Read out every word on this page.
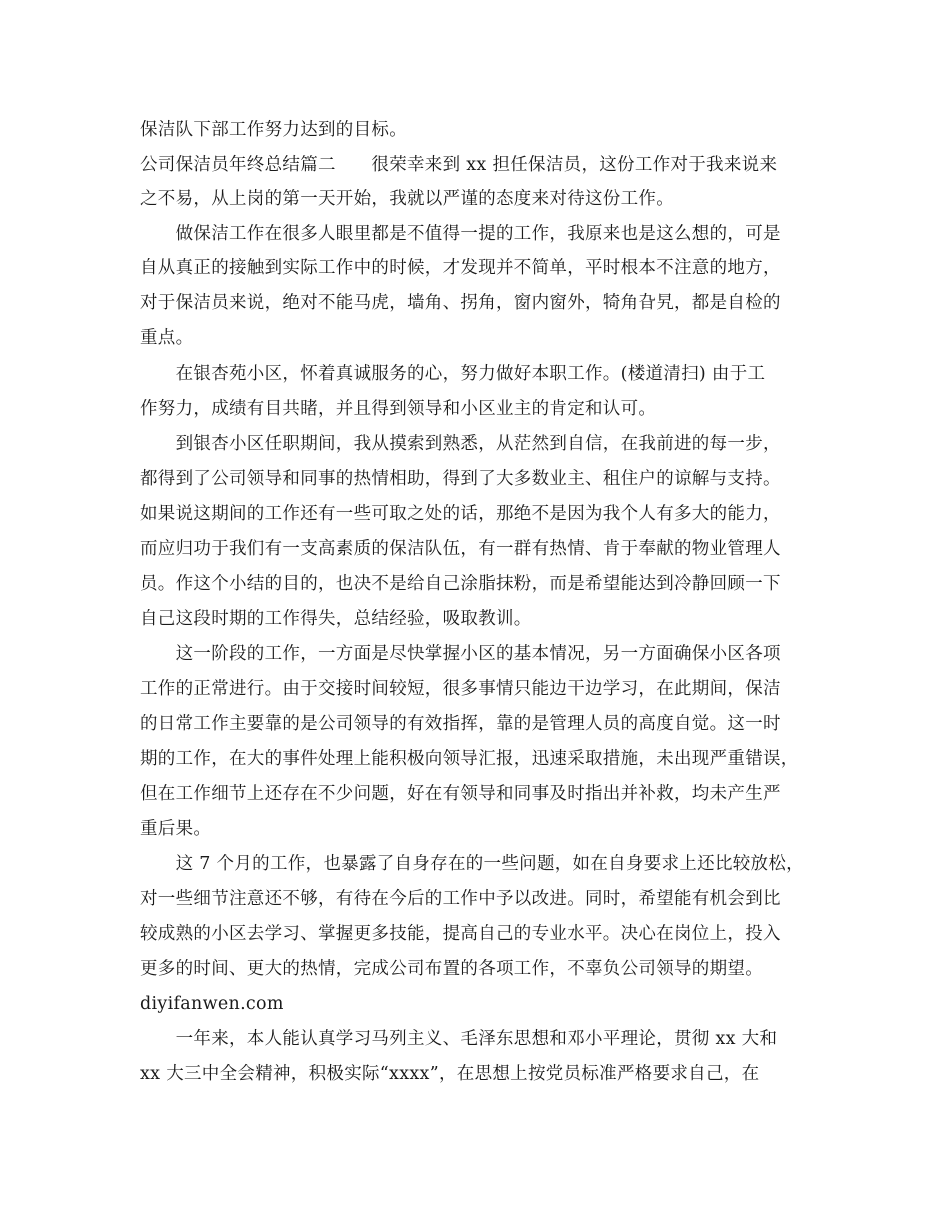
保洁队下部工作努力达到的目标。
公司保洁员年终总结篇二　　很荣幸来到 xx 担任保洁员，这份工作对于我来说来
之不易，从上岗的第一天开始，我就以严谨的态度来对待这份工作。
　　做保洁工作在很多人眼里都是不值得一提的工作，我原来也是这么想的，可是
自从真正的接触到实际工作中的时候，才发现并不简单，平时根本不注意的地方，
对于保洁员来说，绝对不能马虎，墙角、拐角，窗内窗外，犄角旮旯，都是自检的
重点。
　　在银杏苑小区，怀着真诚服务的心，努力做好本职工作。(楼道清扫) 由于工
作努力，成绩有目共睹，并且得到领导和小区业主的肯定和认可。
　　到银杏小区任职期间，我从摸索到熟悉，从茫然到自信，在我前进的每一步，
都得到了公司领导和同事的热情相助，得到了大多数业主、租住户的谅解与支持。
如果说这期间的工作还有一些可取之处的话，那绝不是因为我个人有多大的能力，
而应归功于我们有一支高素质的保洁队伍，有一群有热情、肯于奉献的物业管理人
员。作这个小结的目的，也决不是给自己涂脂抹粉，而是希望能达到冷静回顾一下
自己这段时期的工作得失，总结经验，吸取教训。
　　这一阶段的工作，一方面是尽快掌握小区的基本情况，另一方面确保小区各项
工作的正常进行。由于交接时间较短，很多事情只能边干边学习，在此期间，保洁
的日常工作主要靠的是公司领导的有效指挥，靠的是管理人员的高度自觉。这一时
期的工作，在大的事件处理上能积极向领导汇报，迅速采取措施，未出现严重错误，
但在工作细节上还存在不少问题，好在有领导和同事及时指出并补救，均未产生严
重后果。
　　这 7 个月的工作，也暴露了自身存在的一些问题，如在自身要求上还比较放松，
对一些细节注意还不够，有待在今后的工作中予以改进。同时，希望能有机会到比
较成熟的小区去学习、掌握更多技能，提高自己的专业水平。决心在岗位上，投入
更多的时间、更大的热情，完成公司布置的各项工作，不辜负公司领导的期望。
diyifanwen.com
　　一年来，本人能认真学习马列主义、毛泽东思想和邓小平理论，贯彻 xx 大和
xx 大三中全会精神，积极实际“xxxx”，在思想上按党员标准严格要求自己，在
